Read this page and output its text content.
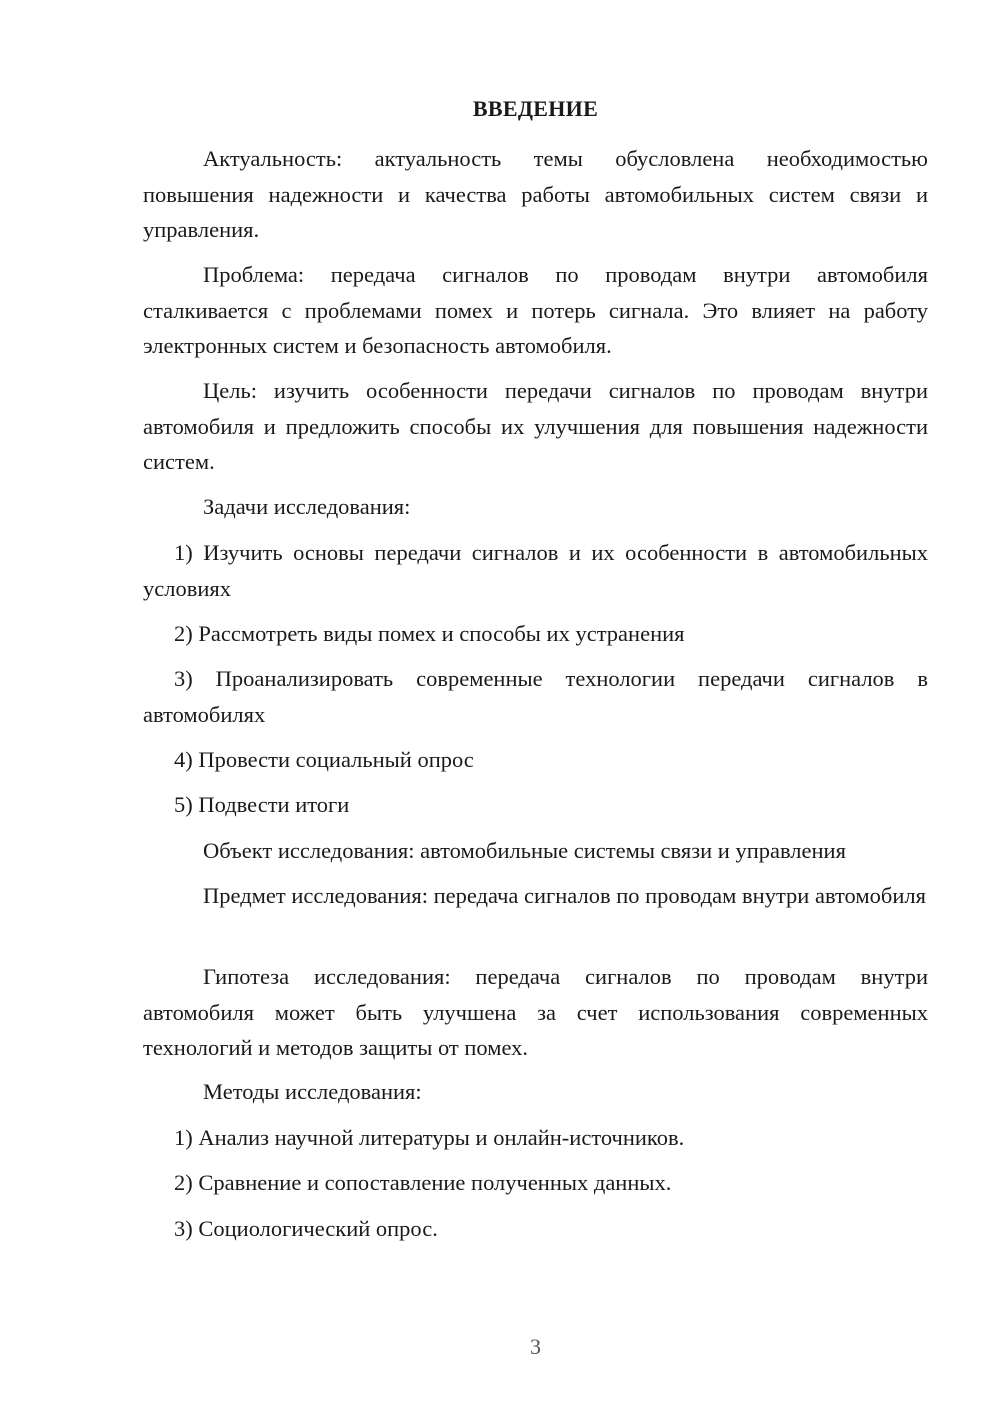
ВВЕДЕНИЕ

Актуальность: актуальность темы обусловлена необходимостью повышения надежности и качества работы автомобильных систем связи и управления.

Проблема: передача сигналов по проводам внутри автомобиля сталкивается с проблемами помех и потерь сигнала. Это влияет на работу электронных систем и безопасность автомобиля.

Цель: изучить особенности передачи сигналов по проводам внутри автомобиля и предложить способы их улучшения для повышения надежности систем.

Задачи исследования:

1) Изучить основы передачи сигналов и их особенности в автомобильных условиях

2) Рассмотреть виды помех и способы их устранения

3) Проанализировать современные технологии передачи сигналов в автомобилях

4) Провести социальный опрос

5) Подвести итоги

Объект исследования: автомобильные системы связи и управления

Предмет исследования: передача сигналов по проводам внутри автомобиля

Гипотеза исследования: передача сигналов по проводам внутри автомобиля может быть улучшена за счет использования современных технологий и методов защиты от помех.

Методы исследования:

1) Анализ научной литературы и онлайн-источников.

2) Сравнение и сопоставление полученных данных.

3) Социологический опрос.

3
